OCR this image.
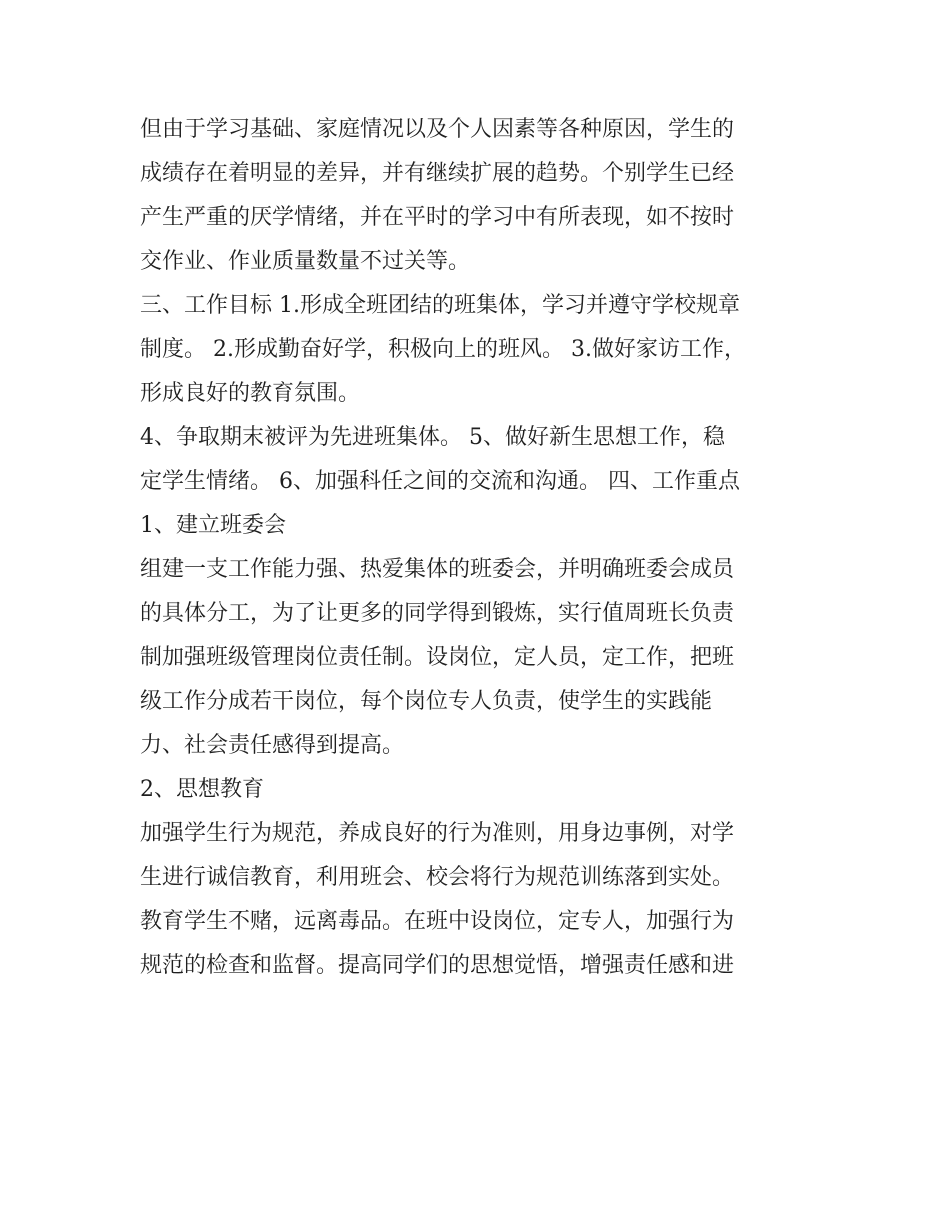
但由于学习基础、家庭情况以及个人因素等各种原因，学生的
成绩存在着明显的差异，并有继续扩展的趋势。个别学生已经
产生严重的厌学情绪，并在平时的学习中有所表现，如不按时
交作业、作业质量数量不过关等。
三、工作目标 1.形成全班团结的班集体，学习并遵守学校规章
制度。 2.形成勤奋好学，积极向上的班风。 3.做好家访工作，
形成良好的教育氛围。
4、争取期末被评为先进班集体。 5、做好新生思想工作，稳
定学生情绪。 6、加强科任之间的交流和沟通。 四、工作重点
1、建立班委会
组建一支工作能力强、热爱集体的班委会，并明确班委会成员
的具体分工，为了让更多的同学得到锻炼，实行值周班长负责
制加强班级管理岗位责任制。设岗位，定人员，定工作，把班
级工作分成若干岗位，每个岗位专人负责，使学生的实践能
力、社会责任感得到提高。
2、思想教育
加强学生行为规范，养成良好的行为准则，用身边事例，对学
生进行诚信教育，利用班会、校会将行为规范训练落到实处。
教育学生不赌，远离毒品。在班中设岗位，定专人，加强行为
规范的检查和监督。提高同学们的思想觉悟，增强责任感和进
